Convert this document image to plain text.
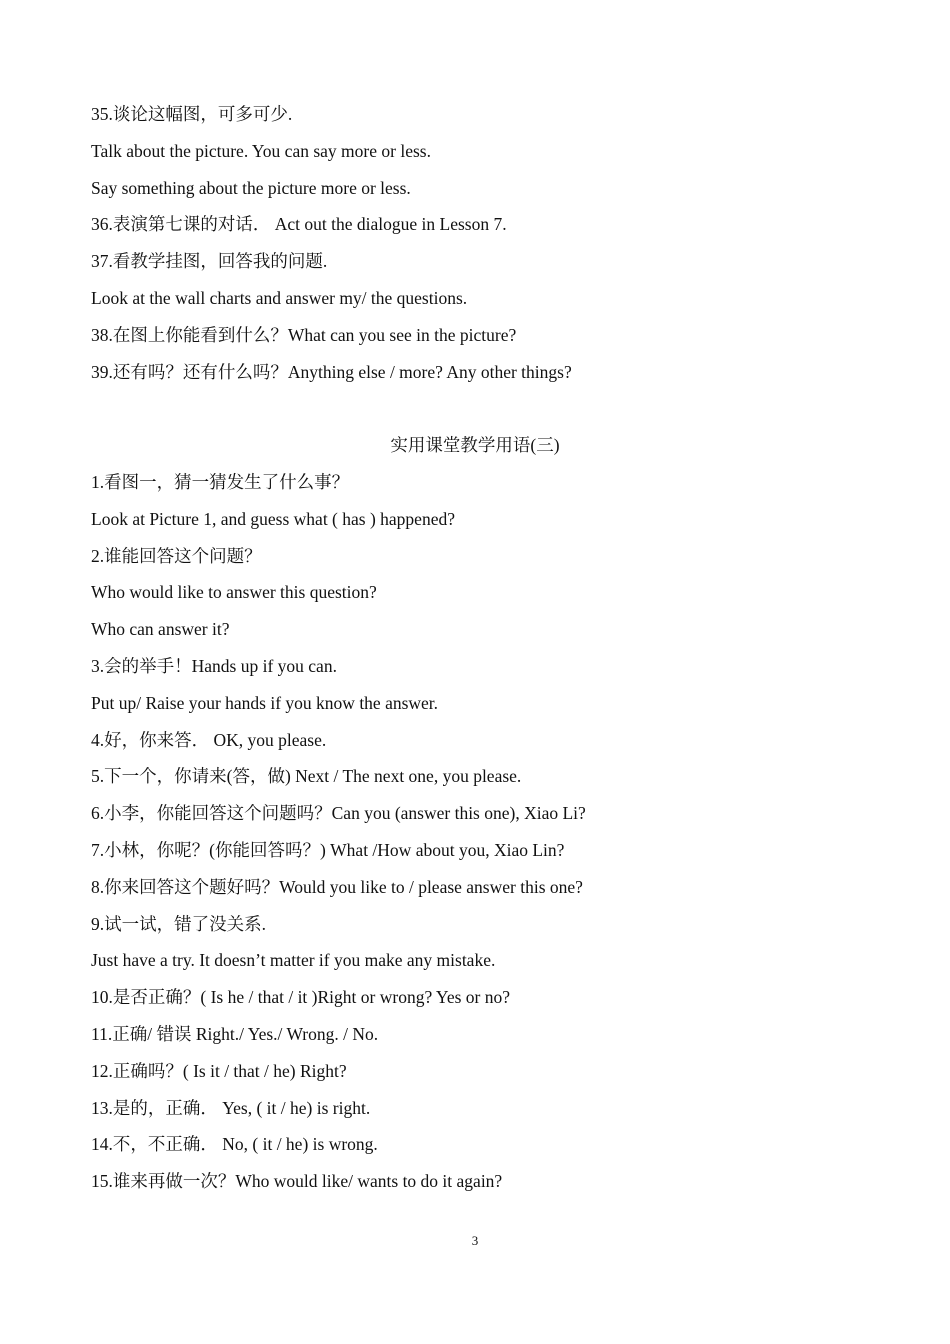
35.谈论这幅图，可多可少.
Talk about the picture. You can say more or less.
Say something about the picture more or less.
36.表演第七课的对话． Act out the dialogue in Lesson 7.
37.看教学挂图，回答我的问题.
Look at the wall charts and answer my/ the questions.
38.在图上你能看到什么？What can you see in the picture?
39.还有吗？还有什么吗？Anything else / more? Any other things?
实用课堂教学用语(三)
1.看图一，猜一猜发生了什么事？
Look at Picture 1, and guess what ( has ) happened?
2.谁能回答这个问题？
Who would like to answer this question?
Who can answer it?
3.会的举手！Hands up if you can.
Put up/ Raise your hands if you know the answer.
4.好，你来答． OK, you please.
5.下一个，你请来(答，做) Next / The next one, you please.
6.小李，你能回答这个问题吗？Can you (answer this one), Xiao Li?
7.小林，你呢？(你能回答吗？) What /How about you, Xiao Lin?
8.你来回答这个题好吗？Would you like to / please answer this one?
9.试一试，错了没关系.
Just have a try. It doesn’t matter if you make any mistake.
10.是否正确？( Is he / that / it )Right or wrong? Yes or no?
11.正确/ 错误 Right./ Yes./ Wrong. / No.
12.正确吗？( Is it / that / he) Right?
13.是的，正确． Yes, ( it / he) is right.
14.不，不正确． No, ( it / he) is wrong.
15.谁来再做一次？Who would like/ wants to do it again?
3
